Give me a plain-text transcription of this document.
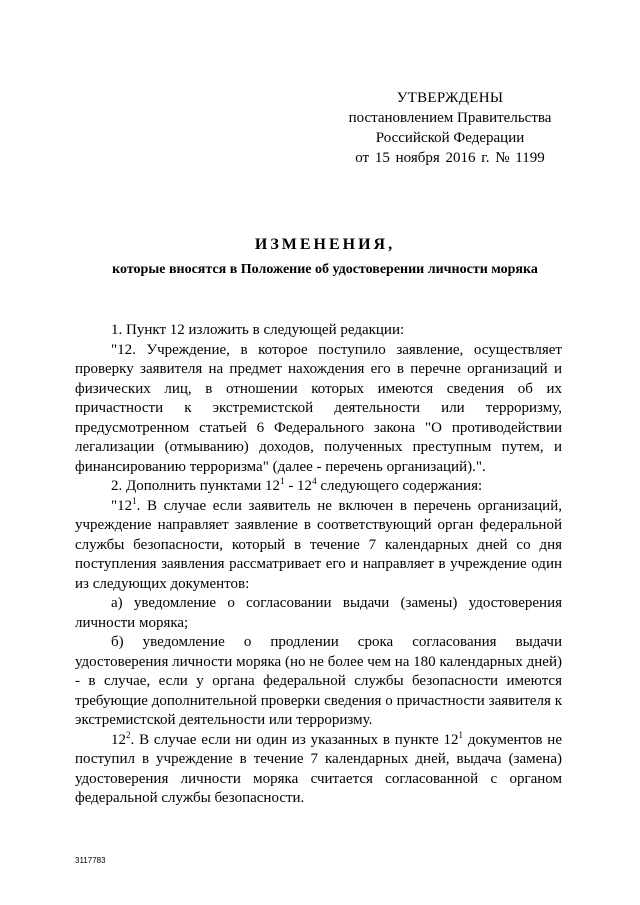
УТВЕРЖДЕНЫ
постановлением Правительства
Российской Федерации
от 15 ноября 2016 г. № 1199
ИЗМЕНЕНИЯ,
которые вносятся в Положение об удостоверении личности моряка

1. Пункт 12 изложить в следующей редакции:

"12. Учреждение, в которое поступило заявление, осуществляет проверку заявителя на предмет нахождения его в перечне организаций и физических лиц, в отношении которых имеются сведения об их причастности к экстремистской деятельности или терроризму, предусмотренном статьей 6 Федерального закона "О противодействии легализации (отмыванию) доходов, полученных преступным путем, и финансированию терроризма" (далее - перечень организаций).".

2. Дополнить пунктами $12^1 - 12^4$ следующего содержания:

"$12^1$. В случае если заявитель не включен в перечень организаций, учреждение направляет заявление в соответствующий орган федеральной службы безопасности, который в течение 7 календарных дней со дня поступления заявления рассматривает его и направляет в учреждение один из следующих документов:

а) уведомление о согласовании выдачи (замены) удостоверения личности моряка;

б) уведомление о продлении срока согласования выдачи удостоверения личности моряка (но не более чем на 180 календарных дней) - в случае, если у органа федеральной службы безопасности имеются требующие дополнительной проверки сведения о причастности заявителя к экстремистской деятельности или терроризму.

$12^2$. В случае если ни один из указанных в пункте $12^1$ документов не поступил в учреждение в течение 7 календарных дней, выдача (замена) удостоверения личности моряка считается согласованной с органом федеральной службы безопасности.

3117783
